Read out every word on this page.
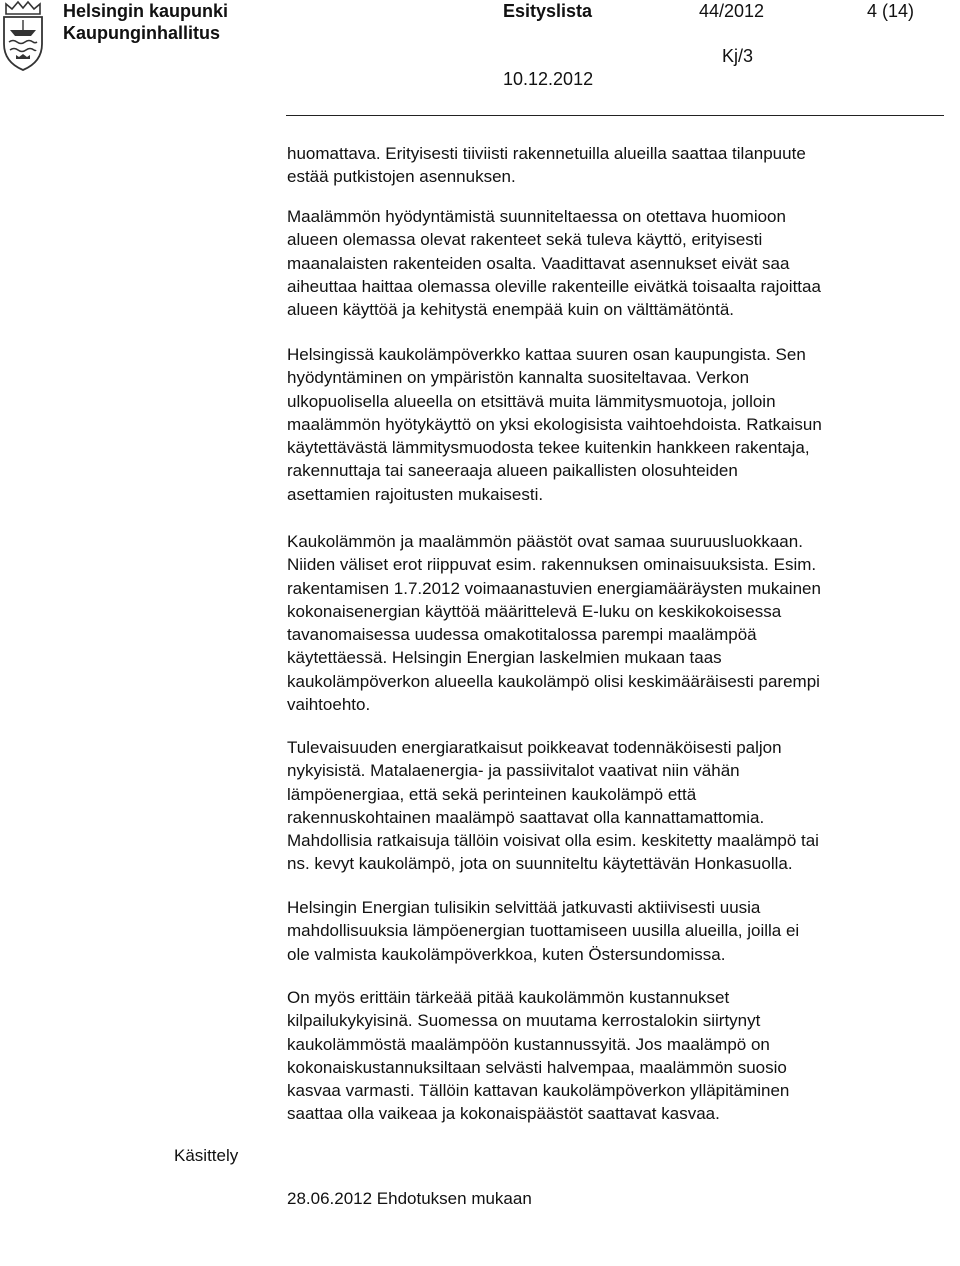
Helsingin kaupunki
Kaupunginhallitus
Esityslista	44/2012	4 (14)
Kj/3
10.12.2012

huomattava. Erityisesti tiiviisti rakennetuilla alueilla saattaa tilanpuute
estää putkistojen asennuksen.

Maalämmön hyödyntämistä suunniteltaessa on otettava huomioon
alueen olemassa olevat rakenteet sekä tuleva käyttö, erityisesti
maanalaisten rakenteiden osalta. Vaadittavat asennukset eivät saa
aiheuttaa haittaa olemassa oleville rakenteille eivätkä toisaalta rajoittaa
alueen käyttöä ja kehitystä enempää kuin on välttämätöntä.

Helsingissä kaukolämpöverkko kattaa suuren osan kaupungista. Sen
hyödyntäminen on ympäristön kannalta suositeltavaa. Verkon
ulkopuolisella alueella on etsittävä muita lämmitysmuotoja, jolloin
maalämmön hyötykäyttö on yksi ekologisista vaihtoehdoista. Ratkaisun
käytettävästä lämmitysmuodosta tekee kuitenkin hankkeen rakentaja,
rakennuttaja tai saneeraaja alueen paikallisten olosuhteiden
asettamien rajoitusten mukaisesti.

Kaukolämmön ja maalämmön päästöt ovat samaa suuruusluokkaan.
Niiden väliset erot riippuvat esim. rakennuksen ominaisuuksista. Esim.
rakentamisen 1.7.2012 voimaanastuvien energiamääräysten mukainen
kokonaisenergian käyttöä määrittelevä E-luku on keskikokoisessa
tavanomaisessa uudessa omakotitalossa parempi maalämpöä
käytettäessä. Helsingin Energian laskelmien mukaan taas
kaukolämpöverkon alueella kaukolämpö olisi keskimääräisesti parempi
vaihtoehto.

Tulevaisuuden energiaratkaisut poikkeavat todennäköisesti paljon
nykyisistä. Matalaenergia- ja passiivitalot vaativat niin vähän
lämpöenergiaa, että sekä perinteinen kaukolämpö että
rakennuskohtainen maalämpö saattavat olla kannattamattomia.
Mahdollisia ratkaisuja tällöin voisivat olla esim. keskitetty maalämpö tai
ns. kevyt kaukolämpö, jota on suunniteltu käytettävän Honkasuolla.

Helsingin Energian tulisikin selvittää jatkuvasti aktiivisesti uusia
mahdollisuuksia lämpöenergian tuottamiseen uusilla alueilla, joilla ei
ole valmista kaukolämpöverkkoa, kuten Östersundomissa.

On myös erittäin tärkeää pitää kaukolämmön kustannukset
kilpailukykyisinä. Suomessa on muutama kerrostalokin siirtynyt
kaukolämmöstä maalämpöön kustannussyitä. Jos maalämpö on
kokonaiskustannuksiltaan selvästi halvempaa, maalämmön suosio
kasvaa varmasti. Tällöin kattavan kaukolämpöverkon ylläpitäminen
saattaa olla vaikeaa ja kokonaispäästöt saattavat kasvaa.

Käsittely
28.06.2012 Ehdotuksen mukaan
